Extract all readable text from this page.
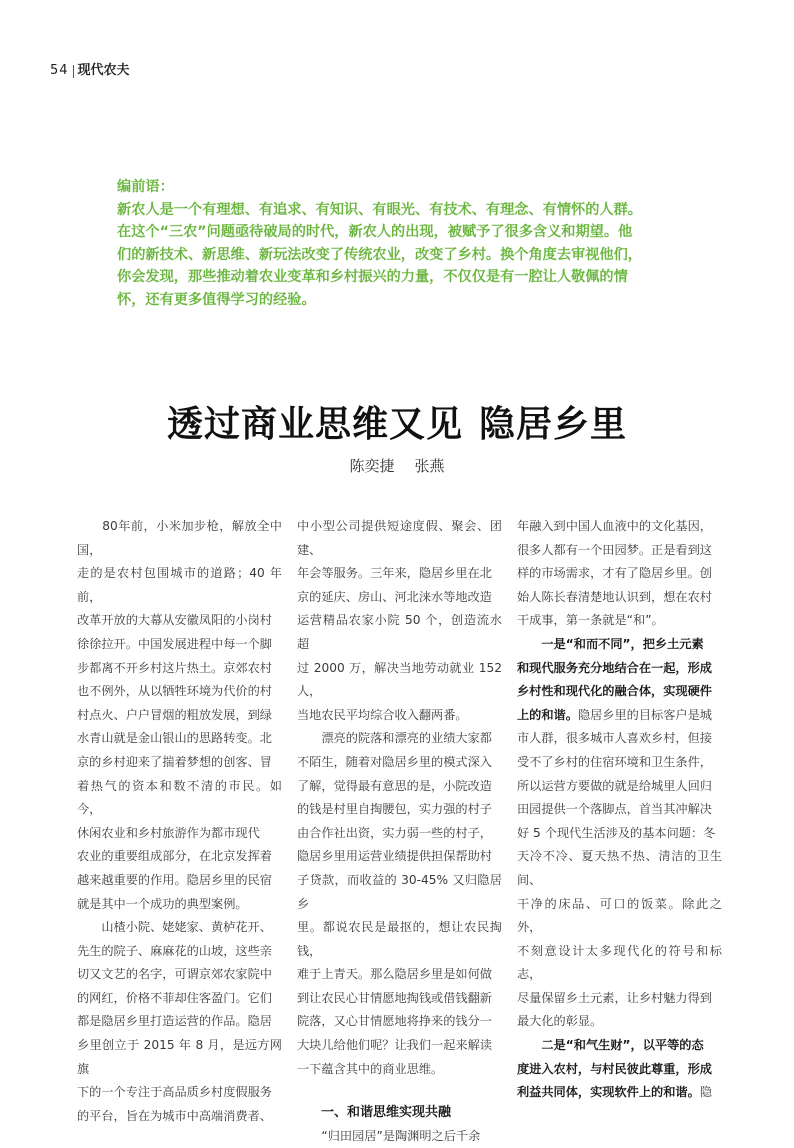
54 现代农夫

编前语：

新农人是一个有理想、有追求、有知识、有眼光、有技术、有理念、有情怀的人群。

在这个“三农”问题亟待破局的时代，新农人的出现，被赋予了很多含义和期望。他

们的新技术、新思维、新玩法改变了传统农业，改变了乡村。换个角度去审视他们，

你会发现，那些推动着农业变革和乡村振兴的力量，不仅仅是有一腔让人敬佩的情

怀，还有更多值得学习的经验。

透过商业思维又见 隐居乡里
陈奕捷 张燕

　　80年前，小米加步枪，解放全中国，

走的是农村包围城市的道路；40 年前，

改革开放的大幕从安徽凤阳的小岗村

徐徐拉开。中国发展进程中每一个脚

步都离不开乡村这片热土。京郊农村

也不例外，从以牺牲环境为代价的村

村点火、户户冒烟的粗放发展，到绿

水青山就是金山银山的思路转变。北

京的乡村迎来了揣着梦想的创客、冒

着热气的资本和数不清的市民。如今，

休闲农业和乡村旅游作为都市现代

农业的重要组成部分，在北京发挥着

越来越重要的作用。隐居乡里的民宿

就是其中一个成功的典型案例。

　　山楂小院、姥姥家、黄栌花开、

先生的院子、麻麻花的山坡，这些亲

切又文艺的名字，可谓京郊农家院中

的网红，价格不菲却住客盈门。它们

都是隐居乡里打造运营的作品。隐居

乡里创立于 2015 年 8 月，是远方网旗

下的一个专注于高品质乡村度假服务

的平台，旨在为城市中高端消费者、

中小型公司提供短途度假、聚会、团建、

年会等服务。三年来，隐居乡里在北

京的延庆、房山、河北涞水等地改造

运营精品农家小院 50 个，创造流水超

过 2000 万，解决当地劳动就业 152 人，

当地农民平均综合收入翻两番。

　　漂亮的院落和漂亮的业绩大家都

不陌生，随着对隐居乡里的模式深入

了解，觉得最有意思的是，小院改造

的钱是村里自掏腰包，实力强的村子

由合作社出资，实力弱一些的村子，

隐居乡里用运营业绩提供担保帮助村

子贷款，而收益的 30-45% 又归隐居乡

里。都说农民是最抠的，想让农民掏钱，

难于上青天。那么隐居乡里是如何做

到让农民心甘情愿地掏钱或借钱翻新

院落，又心甘情愿地将挣来的钱分一

大块儿给他们呢？让我们一起来解读

一下蕴含其中的商业思维。

一、和谐思维实现共融

　　“归田园居”是陶渊明之后千余

年融入到中国人血液中的文化基因，

很多人都有一个田园梦。正是看到这

样的市场需求，才有了隐居乡里。创

始人陈长春清楚地认识到，想在农村

干成事，第一条就是“和”。

　　一是“和而不同”，把乡土元素

和现代服务充分地结合在一起，形成

乡村性和现代化的融合体，实现硬件

上的和谐。隐居乡里的目标客户是城

市人群，很多城市人喜欢乡村，但接

受不了乡村的住宿环境和卫生条件，

所以运营方要做的就是给城里人回归

田园提供一个落脚点，首当其冲解决

好 5 个现代生活涉及的基本问题：冬

天冷不冷、夏天热不热、清洁的卫生间、

干净的床品、可口的饭菜。除此之外，

不刻意设计太多现代化的符号和标志，

尽量保留乡土元素，让乡村魅力得到

最大化的彰显。

　　二是“和气生财”，以平等的态

度进入农村，与村民彼此尊重，形成

利益共同体，实现软件上的和谐。隐
